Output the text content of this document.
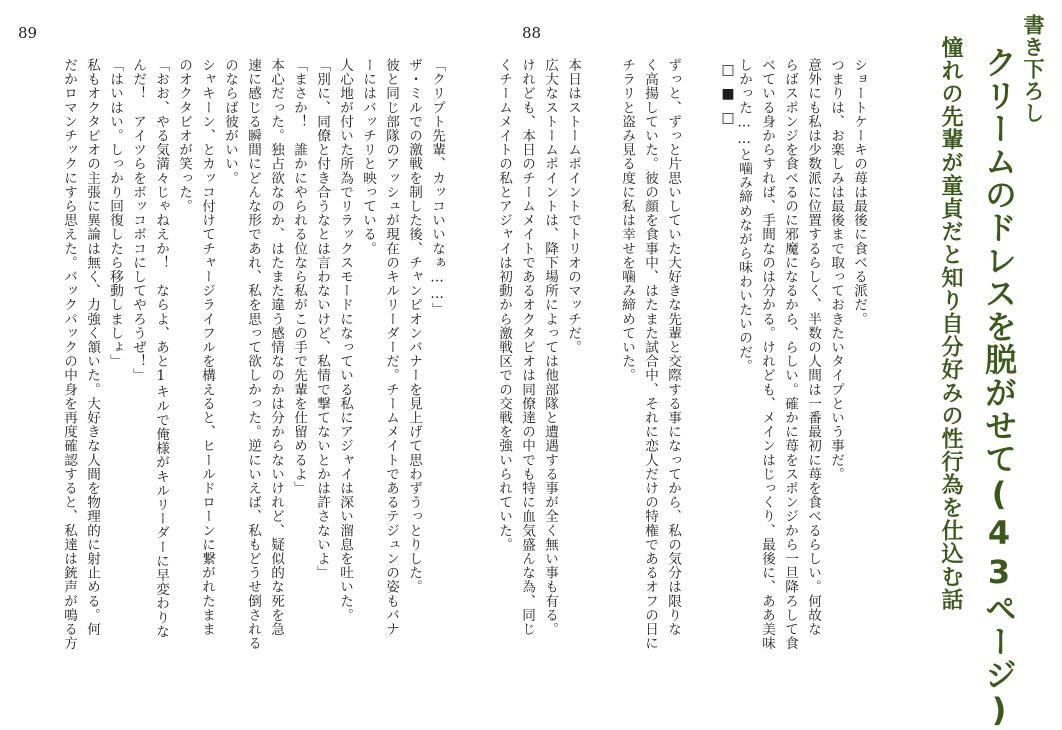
89
「クリプト先輩、カッコいいなぁ……」
ザ・ミルでの激戦を制した後、チャンピオンバナーを見上げて思わずうっとりした。
彼と同じ部隊のアッシュが現在のキルリーダーだ。チームメイトであるテジュンの姿もバナ
ーにはバッチリと映っている。
人心地が付いた所為でリラックスモードになっている私にアジャイは深い溜息を吐いた。
「別に、同僚と付き合うなとは言わないけど、私情で撃てないとかは許さないよ」
「まさか！　誰かにやられる位なら私がこの手で先輩を仕留めるよ」
本心だった。独占欲なのか、はたまた違う感情なのかは分からないけれど、疑似的な死を急
速に感じる瞬間にどんな形であれ、私を思って欲しかった。逆にいえば、私もどうせ倒される
のならば彼がいい。
シャキーン、とカッコ付けてチャージライフルを構えると、ヒールドローンに繋がれたまま
のオクタビオが笑った。
「おお、やる気満々じゃねえか！　ならよ、あと1キルで俺様がキルリーダーに早変わりな
んだ！　アイツらをボッコボコにしてやろうぜ！」
「はいはい。しっかり回復したら移動しましょ」
私もオクタビオの主張に異論は無く、力強く頷いた。大好きな人間を物理的に射止める。何
だかロマンチックにすら思えた。バックパックの中身を再度確認すると、私達は銃声が鳴る方
88
本日はストームポイントでトリオのマッチだ。
広大なストームポイントは、降下場所によっては他部隊と遭遇する事が全く無い事も有る。
けれども、本日のチームメイトであるオクタビオは同僚達の中でも特に血気盛んな為、同じ
くチームメイトの私とアジャイは初動から激戦区での交戦を強いられていた。	ずっと、ずっと片思いしていた大好きな先輩と交際する事になってから、私の気分は限りな
く高揚していた。彼の顔を食事中、はたまた試合中、それに恋人だけの特権であるオフの日に
チラリと盗み見る度に私は幸せを噛み締めていた。	□■□	ショートケーキの苺は最後に食べる派だ。
つまりは、お楽しみは最後まで取っておきたいタイプという事だ。
意外にも私は少数派に位置するらしく、半数の人間は一番最初に苺を食べるらしい。何故な
らばスポンジを食べるのに邪魔になるから、らしい。確かに苺をスポンジから一旦降ろして食
べている身からすれば、手間なのは分かる。けれども、メインはじっくり、最後に、ああ美味
しかった……と噛み締めながら味わいたいのだ。	書き下ろし
クリームのドレスを脱がせて(43ページ)
憧れの先輩が童貞だと知り自分好みの性行為を仕込む話
